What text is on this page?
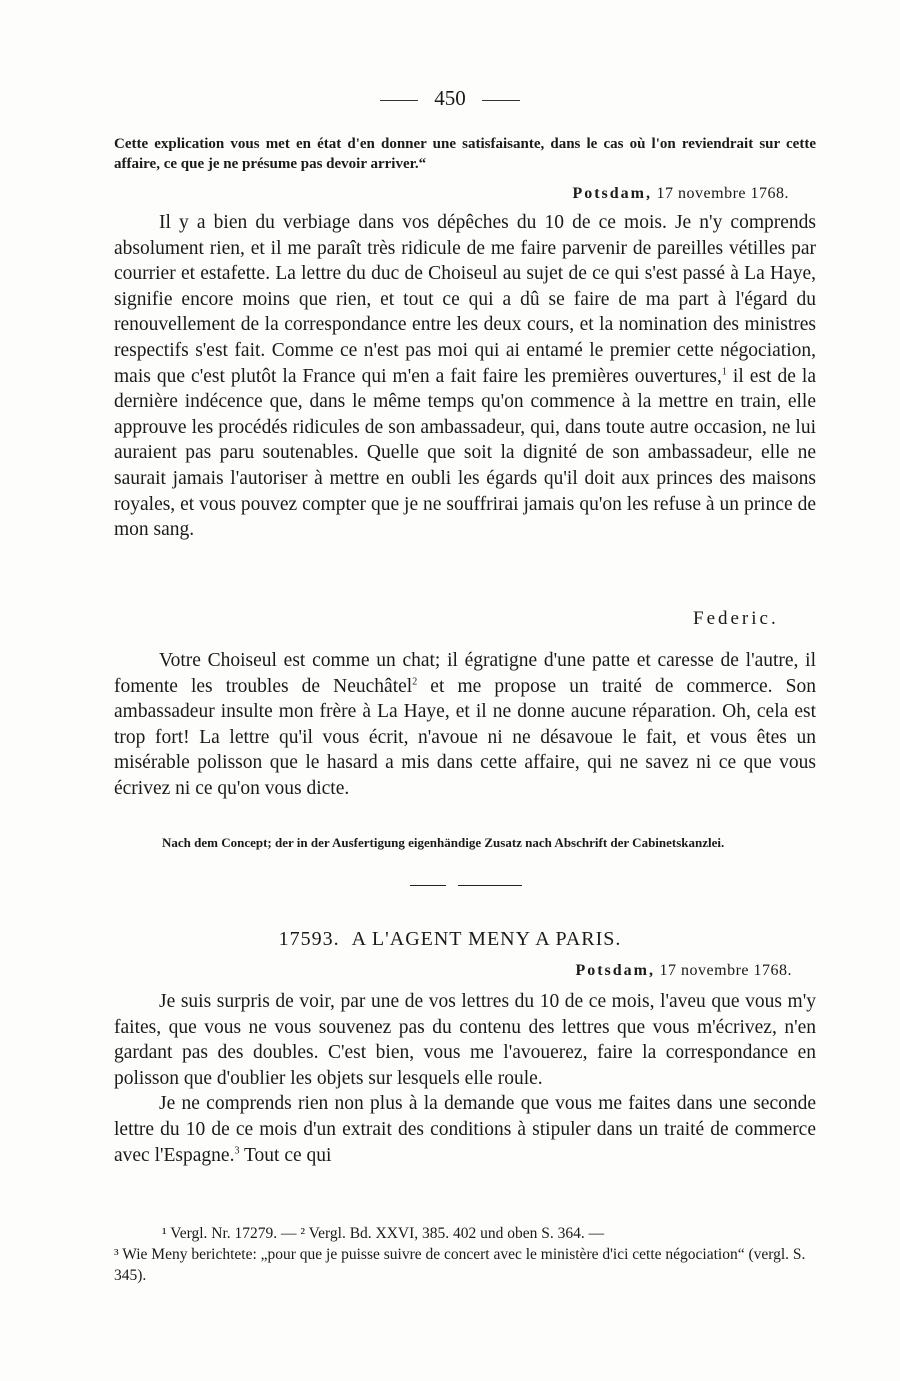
450
Cette explication vous met en état d'en donner une satisfaisante, dans le cas où l'on reviendrait sur cette affaire, ce que je ne présume pas devoir arriver.“
Potsdam, 17 novembre 1768.

Il y a bien du verbiage dans vos dépêches du 10 de ce mois. Je n'y comprends absolument rien, et il me paraît très ridicule de me faire parvenir de pareilles vétilles par courrier et estafette. La lettre du duc de Choiseul au sujet de ce qui s'est passé à La Haye, signifie encore moins que rien, et tout ce qui a dû se faire de ma part à l'égard du renouvellement de la correspondance entre les deux cours, et la nomination des ministres respectifs s'est fait. Comme ce n'est pas moi qui ai entamé le premier cette négociation, mais que c'est plutôt la France qui m'en a fait faire les premières ouvertures,$^1$ il est de la dernière indécence que, dans le même temps qu'on commence à la mettre en train, elle approuve les procédés ridicules de son ambassadeur, qui, dans toute autre occasion, ne lui auraient pas paru soutenables. Quelle que soit la dignité de son ambassadeur, elle ne saurait jamais l'autoriser à mettre en oubli les égards qu'il doit aux princes des maisons royales, et vous pouvez compter que je ne souffrirai jamais qu'on les refuse à un prince de mon sang.

Federic.

Votre Choiseul est comme un chat; il égratigne d'une patte et caresse de l'autre, il fomente les troubles de Neuchâtel$^2$ et me propose un traité de commerce. Son ambassadeur insulte mon frère à La Haye, et il ne donne aucune réparation. Oh, cela est trop fort! La lettre qu'il vous écrit, n'avoue ni ne désavoue le fait, et vous êtes un misérable polisson que le hasard a mis dans cette affaire, qui ne savez ni ce que vous écrivez ni ce qu'on vous dicte.

Nach dem Concept; der in der Ausfertigung eigenhändige Zusatz nach Abschrift der Cabinetskanzlei.

17593. A L'AGENT MENY A PARIS.
Potsdam, 17 novembre 1768.

Je suis surpris de voir, par une de vos lettres du 10 de ce mois, l'aveu que vous m'y faites, que vous ne vous souvenez pas du contenu des lettres que vous m'écrivez, n'en gardant pas des doubles. C'est bien, vous me l'avouerez, faire la correspondance en polisson que d'oublier les objets sur lesquels elle roule.

Je ne comprends rien non plus à la demande que vous me faites dans une seconde lettre du 10 de ce mois d'un extrait des conditions à stipuler dans un traité de commerce avec l'Espagne.$^3$ Tout ce qui

¹ Vergl. Nr. 17279. — ² Vergl. Bd. XXVI, 385. 402 und oben S. 364. —

³ Wie Meny berichtete: „pour que je puisse suivre de concert avec le ministère d'ici cette négociation“ (vergl. S. 345).
